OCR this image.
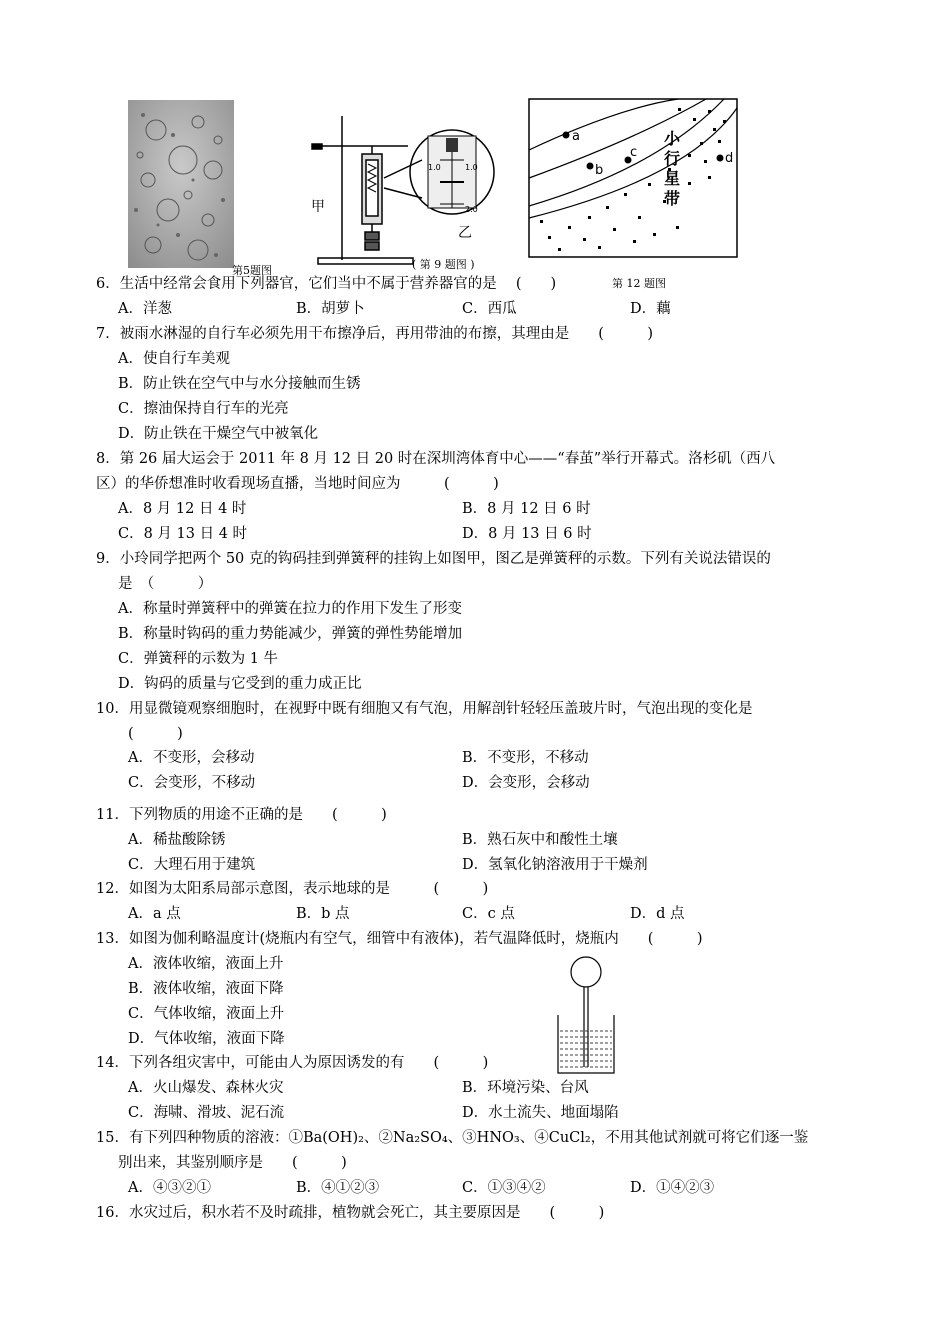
第5题图
1.0	1.0
2.0
甲
乙
( 第 9 题图 )
a
b
c	d
小
行
星
带
第 12 题图
6．生活中经常会食用下列器官，它们当中不属于营养器官的是　 (　　)
A．洋葱	B．胡萝卜	C．西瓜	D．藕
7．被雨水淋湿的自行车必须先用干布擦净后，再用带油的布擦，其理由是　　(　　　)
A．使自行车美观
B．防止铁在空气中与水分接触而生锈
C．擦油保持自行车的光亮
D．防止铁在干燥空气中被氧化
8．第 26 届大运会于 2011 年 8 月 12 日 20 时在深圳湾体育中心——“春茧”举行开幕式。洛杉矶（西八
区）的华侨想准时收看现场直播，当地时间应为　　　(　　　)
A．8 月 12 日 4 时	B．8 月 12 日 6 时
C．8 月 13 日 4 时	D．8 月 13 日 6 时
9．小玲同学把两个 50 克的钩码挂到弹簧秤的挂钩上如图甲，图乙是弹簧秤的示数。下列有关说法错误的
是　（　　　）
A．称量时弹簧秤中的弹簧在拉力的作用下发生了形变
B．称量时钩码的重力势能减少，弹簧的弹性势能增加
C．弹簧秤的示数为 1 牛
D．钩码的质量与它受到的重力成正比
10．用显微镜观察细胞时，在视野中既有细胞又有气泡，用解剖针轻轻压盖玻片时，气泡出现的变化是
(　　　)
A．不变形，会移动	B．不变形，不移动
C．会变形，不移动	D．会变形，会移动
11．下列物质的用途不正确的是　　(　　　)
A．稀盐酸除锈	B．熟石灰中和酸性土壤
C．大理石用于建筑	D．氢氧化钠溶液用于干燥剂
12．如图为太阳系局部示意图，表示地球的是　　　(　　　)
A．a 点	B．b 点	C．c 点	D．d 点
13．如图为伽利略温度计(烧瓶内有空气，细管中有液体)，若气温降低时，烧瓶内　　(　　　)
A．液体收缩，液面上升
B．液体收缩，液面下降
C．气体收缩，液面上升
D．气体收缩，液面下降
14．下列各组灾害中，可能由人为原因诱发的有　　(　　　)
A．火山爆发、森林火灾	B．环境污染、台风
C．海啸、滑坡、泥石流	D．水土流失、地面塌陷
15．有下列四种物质的溶液：①Ba(OH)₂、②Na₂SO₄、③HNO₃、④CuCl₂，不用其他试剂就可将它们逐一鉴
别出来，其鉴别顺序是　　(　　　)
A．④③②①	B．④①②③	C．①③④②	D．①④②③
16．水灾过后，积水若不及时疏排，植物就会死亡，其主要原因是　　(　　　)
